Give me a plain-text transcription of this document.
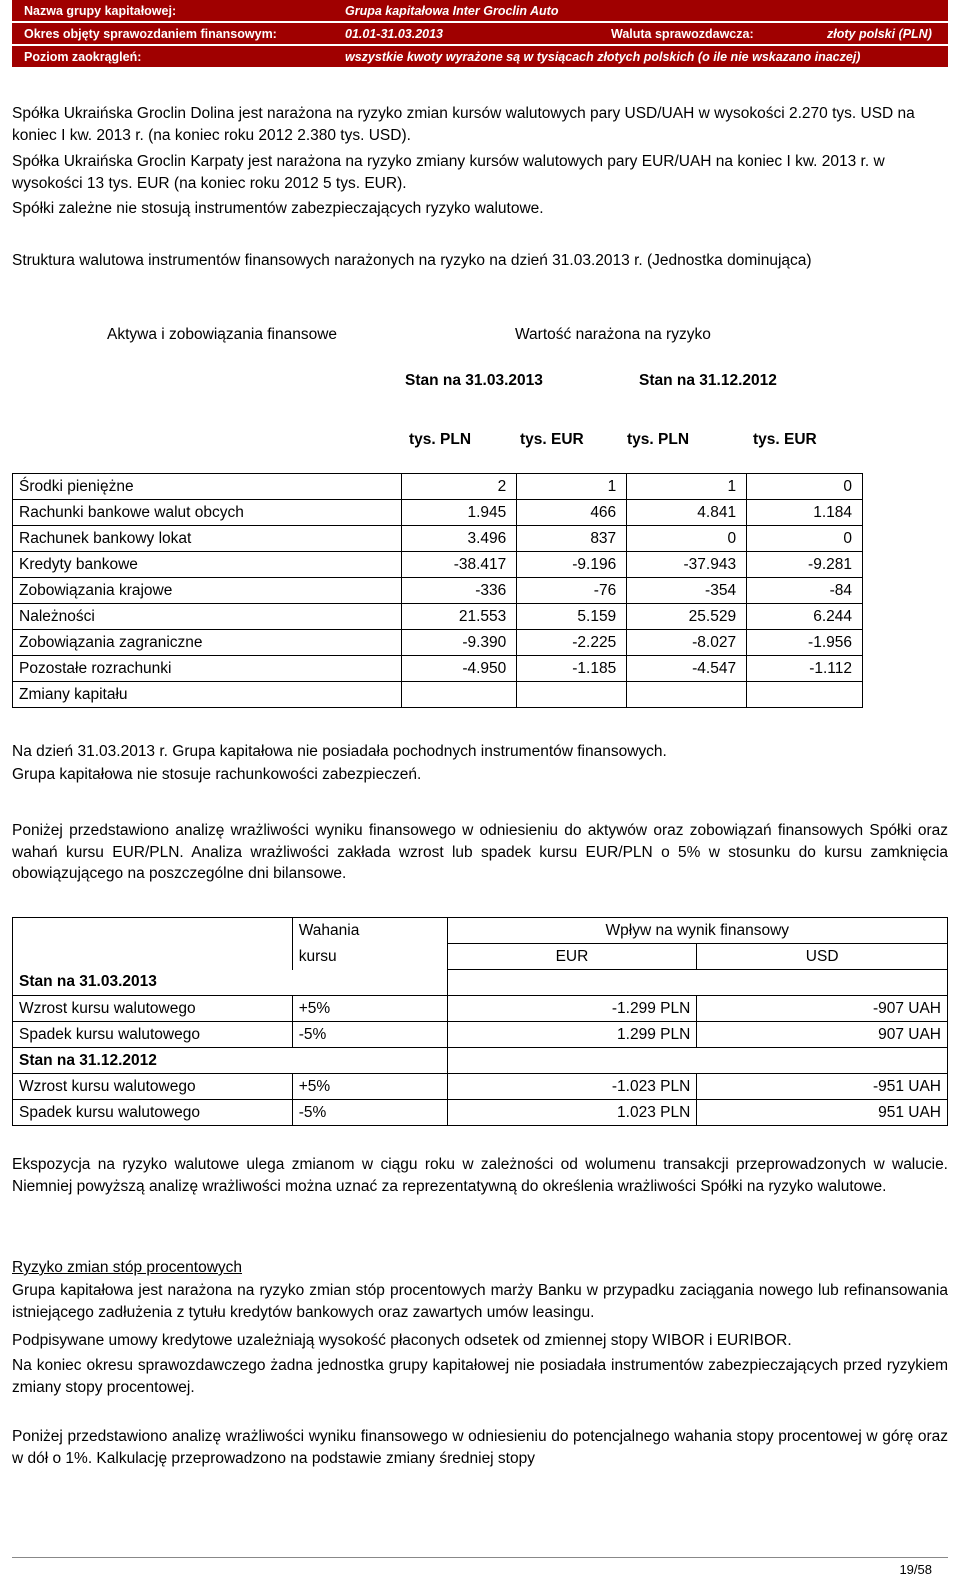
Nazwa grupy kapitałowej:	Grupa kapitałowa Inter Groclin Auto		
Okres objęty sprawozdaniem finansowym:	01.01-31.03.2013	Waluta sprawozdawcza:	złoty polski (PLN)
Poziom zaokrągleń:	wszystkie kwoty wyrażone są w tysiącach złotych polskich (o ile nie wskazano inaczej)		
Spółka Ukraińska Groclin Dolina jest narażona na ryzyko zmian kursów walutowych pary USD/UAH w wysokości 2.270 tys. USD na koniec I kw. 2013 r. (na koniec roku 2012 2.380 tys. USD).
Spółka Ukraińska Groclin Karpaty jest narażona na ryzyko zmiany kursów walutowych pary EUR/UAH na koniec I kw. 2013 r. w wysokości 13 tys. EUR (na koniec roku 2012 5 tys. EUR).
Spółki zależne nie stosują instrumentów zabezpieczających ryzyko walutowe.
Struktura walutowa instrumentów finansowych narażonych na ryzyko na dzień 31.03.2013 r. (Jednostka dominująca)
Aktywa i zobowiązania finansowe	Wartość narażona na ryzyko
Stan na 31.03.2013	Stan na 31.12.2012
tys. PLN	tys. EUR	tys. PLN	tys. EUR
Środki pieniężne	2	1	1	0
Rachunki bankowe walut obcych	1.945	466	4.841	1.184
Rachunek bankowy lokat	3.496	837	0	0
Kredyty bankowe	-38.417	-9.196	-37.943	-9.281
Zobowiązania krajowe	-336	-76	-354	-84
Należności	21.553	5.159	25.529	6.244
Zobowiązania zagraniczne	-9.390	-2.225	-8.027	-1.956
Pozostałe rozrachunki	-4.950	-1.185	-4.547	-1.112
Zmiany kapitału				
Na dzień 31.03.2013 r. Grupa kapitałowa nie posiadała pochodnych instrumentów finansowych.
Grupa kapitałowa nie stosuje rachunkowości zabezpieczeń.
Poniżej przedstawiono analizę wrażliwości wyniku finansowego w odniesieniu do aktywów oraz zobowiązań finansowych Spółki oraz wahań kursu EUR/PLN. Analiza wrażliwości zakłada wzrost lub spadek kursu EUR/PLN o 5% w stosunku do kursu zamknięcia obowiązującego na poszczególne dni bilansowe.
	Wahania	Wpływ na wynik finansowy	
	kursu	EUR	USD
Stan na 31.03.2013			
Wzrost kursu walutowego	+5%	-1.299 PLN	-907 UAH
Spadek kursu walutowego	-5%	1.299 PLN	907 UAH
Stan na 31.12.2012			
Wzrost kursu walutowego	+5%	-1.023 PLN	-951 UAH
Spadek kursu walutowego	-5%	1.023 PLN	951 UAH
Ekspozycja na ryzyko walutowe ulega zmianom w ciągu roku w zależności od wolumenu transakcji przeprowadzonych w walucie. Niemniej powyższą analizę wrażliwości można uznać za reprezentatywną do określenia wrażliwości Spółki na ryzyko walutowe.
Ryzyko zmian stóp procentowych
Grupa kapitałowa jest narażona na ryzyko zmian stóp procentowych marży Banku w przypadku zaciągania nowego lub refinansowania istniejącego zadłużenia z tytułu kredytów bankowych oraz zawartych umów leasingu.
Podpisywane umowy kredytowe uzależniają wysokość płaconych odsetek od zmiennej stopy WIBOR i EURIBOR.
Na koniec okresu sprawozdawczego żadna jednostka grupy kapitałowej nie posiadała instrumentów zabezpieczających przed ryzykiem zmiany stopy procentowej.
Poniżej przedstawiono analizę wrażliwości wyniku finansowego w odniesieniu do potencjalnego wahania stopy procentowej w górę oraz w dół o 1%. Kalkulację przeprowadzono na podstawie zmiany średniej stopy
19/58
